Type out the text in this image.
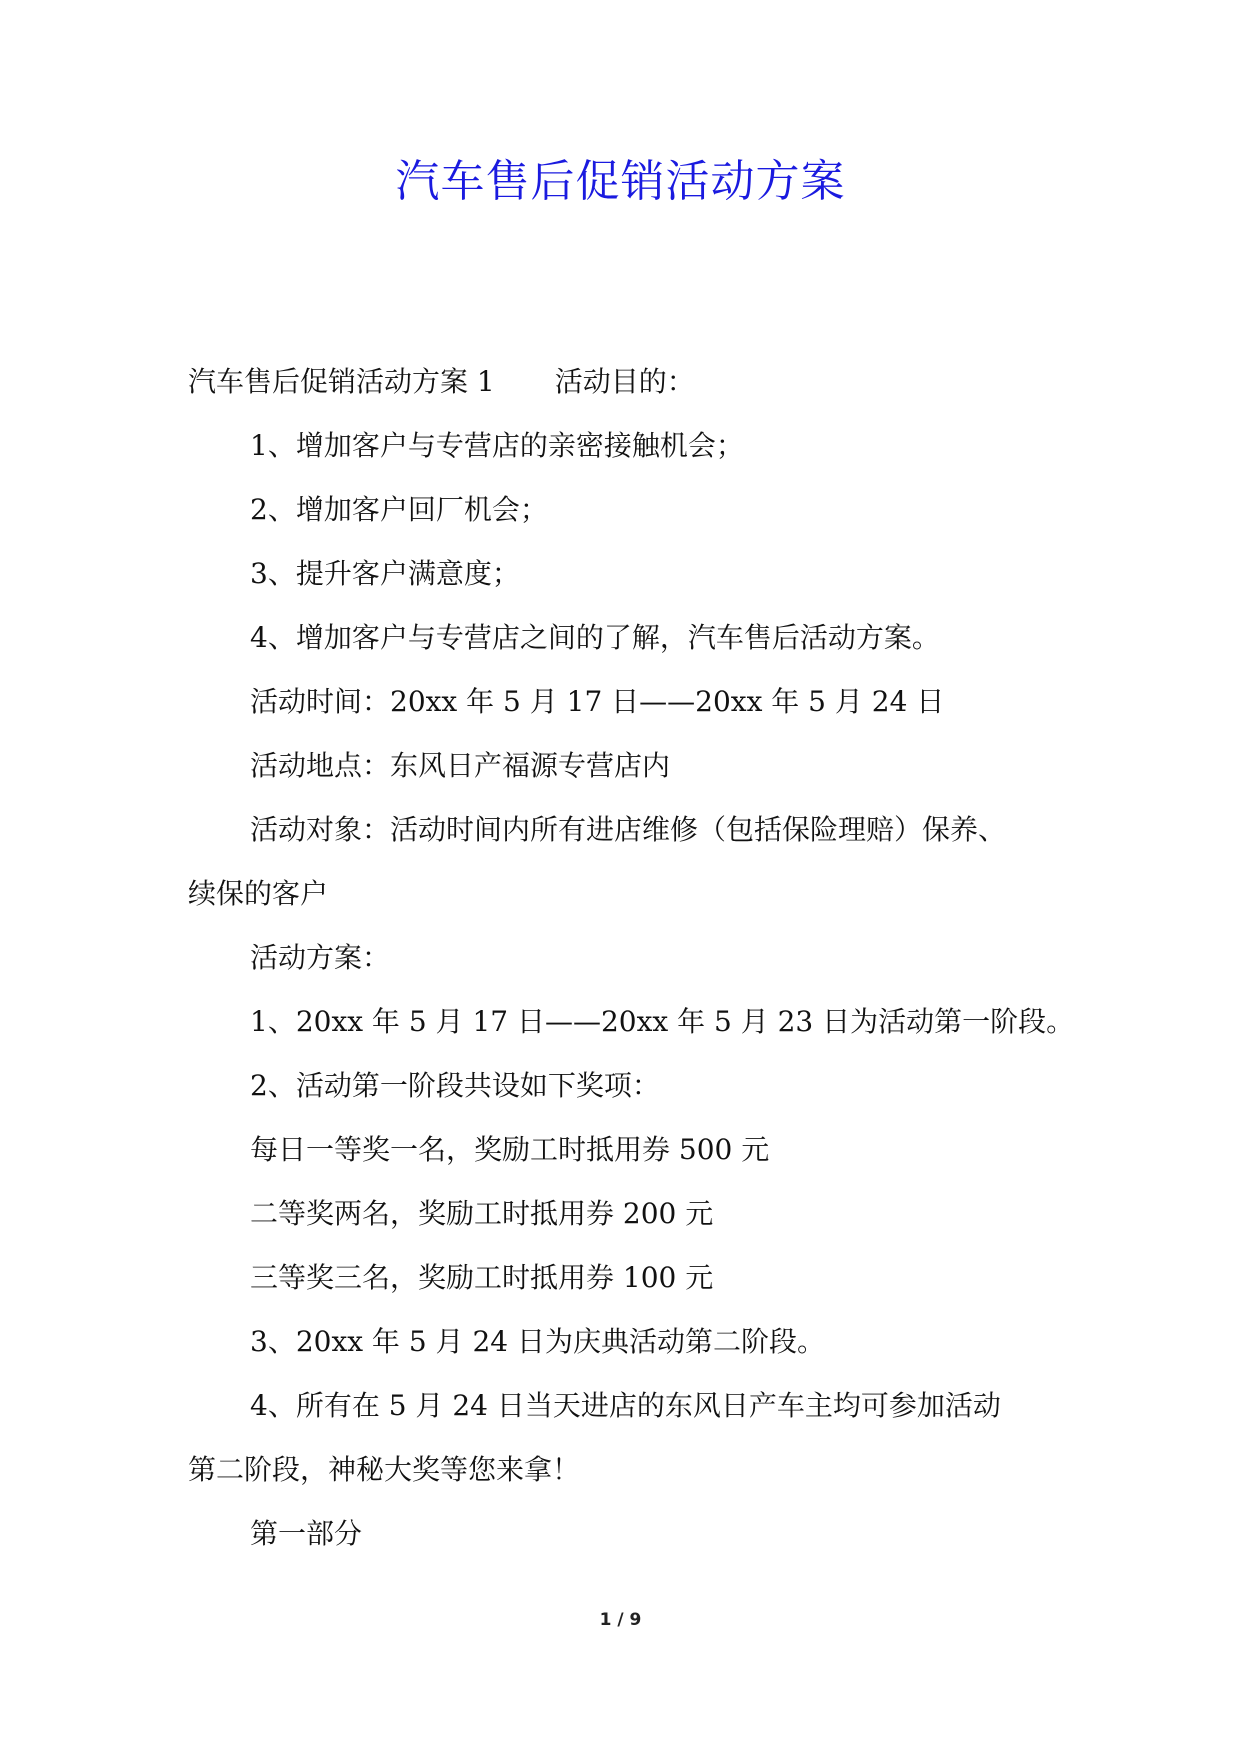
汽车售后促销活动方案

汽车售后促销活动方案 1 活动目的：

1、增加客户与专营店的亲密接触机会；

2、增加客户回厂机会；

3、提升客户满意度；

4、增加客户与专营店之间的了解，汽车售后活动方案。

活动时间：20xx 年 5 月 17 日——20xx 年 5 月 24 日

活动地点：东风日产福源专营店内

活动对象：活动时间内所有进店维修（包括保险理赔）保养、

续保的客户

活动方案：

1、20xx 年 5 月 17 日——20xx 年 5 月 23 日为活动第一阶段。

2、活动第一阶段共设如下奖项：

每日一等奖一名，奖励工时抵用券 500 元

二等奖两名，奖励工时抵用券 200 元

三等奖三名，奖励工时抵用券 100 元

3、20xx 年 5 月 24 日为庆典活动第二阶段。

4、所有在 5 月 24 日当天进店的东风日产车主均可参加活动

第二阶段，神秘大奖等您来拿！

第一部分

1 / 9
